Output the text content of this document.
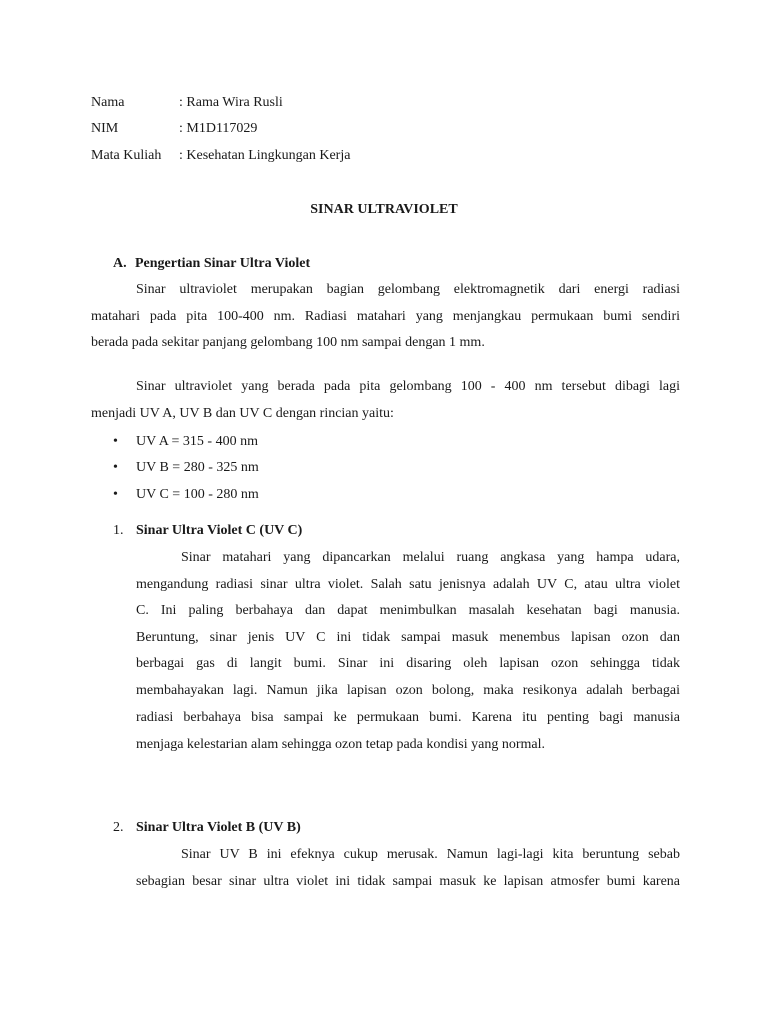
Nama	: Rama Wira Rusli
NIM	: M1D117029
Mata Kuliah : Kesehatan Lingkungan Kerja
SINAR ULTRAVIOLET
A. Pengertian Sinar Ultra Violet
Sinar ultraviolet merupakan bagian gelombang elektromagnetik dari energi radiasi
matahari pada pita 100-400 nm. Radiasi matahari yang menjangkau permukaan bumi sendiri
berada pada sekitar panjang gelombang 100 nm sampai dengan 1 mm.
Sinar ultraviolet yang berada pada pita gelombang 100 - 400 nm tersebut dibagi lagi
menjadi UV A, UV B dan UV C dengan rincian yaitu:
• UV A = 315 - 400 nm
• UV B = 280 - 325 nm
• UV C = 100 - 280 nm
1. Sinar Ultra Violet C (UV C)
Sinar matahari yang dipancarkan melalui ruang angkasa yang hampa udara,
mengandung radiasi sinar ultra violet. Salah satu jenisnya adalah UV C, atau ultra violet
C. Ini paling berbahaya dan dapat menimbulkan masalah kesehatan bagi manusia.
Beruntung, sinar jenis UV C ini tidak sampai masuk menembus lapisan ozon dan
berbagai gas di langit bumi. Sinar ini disaring oleh lapisan ozon sehingga tidak
membahayakan lagi. Namun jika lapisan ozon bolong, maka resikonya adalah berbagai
radiasi berbahaya bisa sampai ke permukaan bumi. Karena itu penting bagi manusia
menjaga kelestarian alam sehingga ozon tetap pada kondisi yang normal.
2. Sinar Ultra Violet B (UV B)
Sinar UV B ini efeknya cukup merusak. Namun lagi-lagi kita beruntung sebab
sebagian besar sinar ultra violet ini tidak sampai masuk ke lapisan atmosfer bumi karena
